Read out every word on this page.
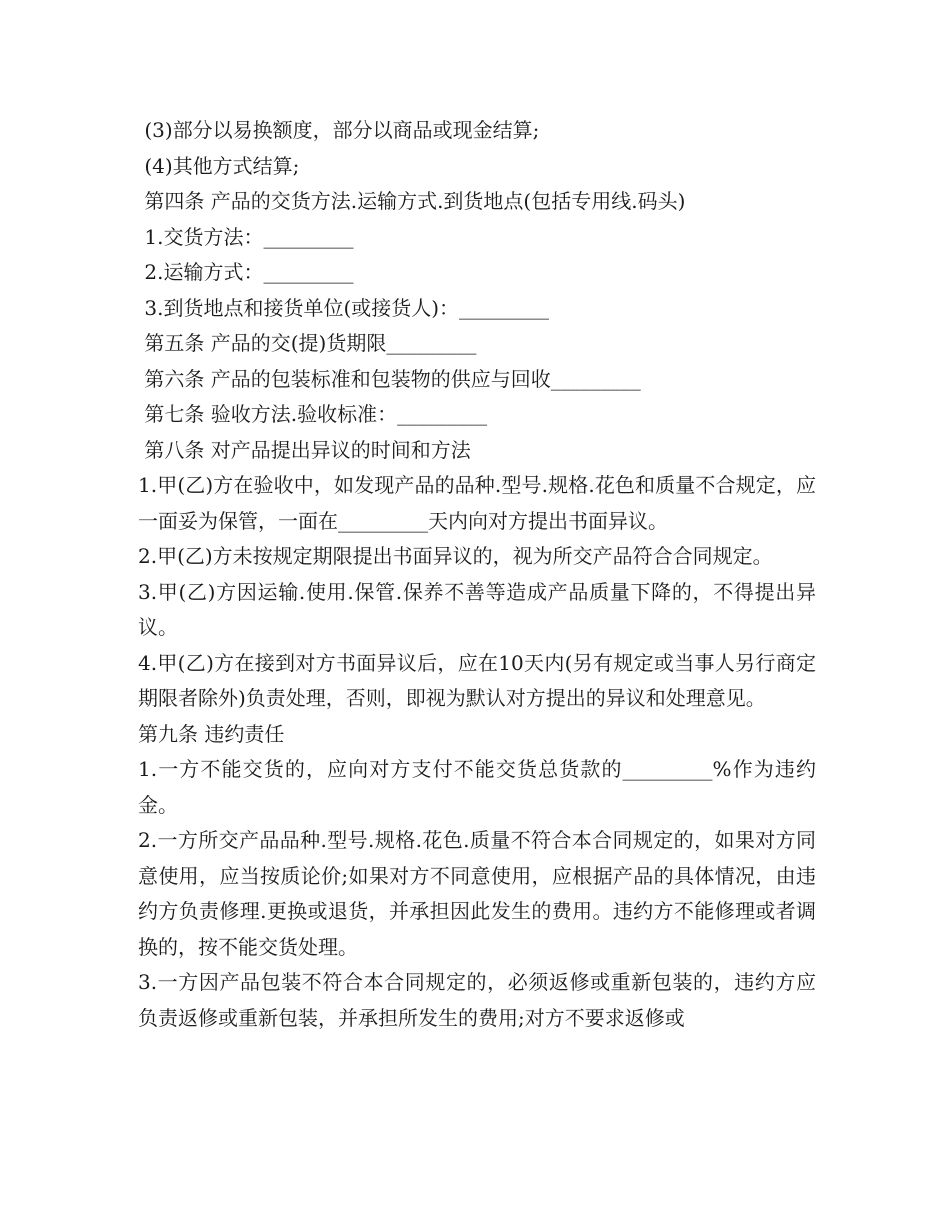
(3)部分以易换额度，部分以商品或现金结算;
(4)其他方式结算;
第四条 产品的交货方法.运输方式.到货地点(包括专用线.码头)
1.交货方法：_________
2.运输方式：_________
3.到货地点和接货单位(或接货人)：_________
第五条 产品的交(提)货期限_________
第六条 产品的包装标准和包装物的供应与回收_________
第七条 验收方法.验收标准：_________
第八条 对产品提出异议的时间和方法

1.甲(乙)方在验收中，如发现产品的品种.型号.规格.花色和质量不合规定，应一面妥为保管，一面在_________天内向对方提出书面异议。

2.甲(乙)方未按规定期限提出书面异议的，视为所交产品符合合同规定。

3.甲(乙)方因运输.使用.保管.保养不善等造成产品质量下降的，不得提出异议。

4.甲(乙)方在接到对方书面异议后，应在10天内(另有规定或当事人另行商定期限者除外)负责处理，否则，即视为默认对方提出的异议和处理意见。

第九条 违约责任

1.一方不能交货的，应向对方支付不能交货总货款的_________%作为违约金。

2.一方所交产品品种.型号.规格.花色.质量不符合本合同规定的，如果对方同意使用，应当按质论价;如果对方不同意使用，应根据产品的具体情况，由违约方负责修理.更换或退货，并承担因此发生的费用。违约方不能修理或者调换的，按不能交货处理。

3.一方因产品包装不符合本合同规定的，必须返修或重新包装的，违约方应负责返修或重新包装，并承担所发生的费用;对方不要求返修或
